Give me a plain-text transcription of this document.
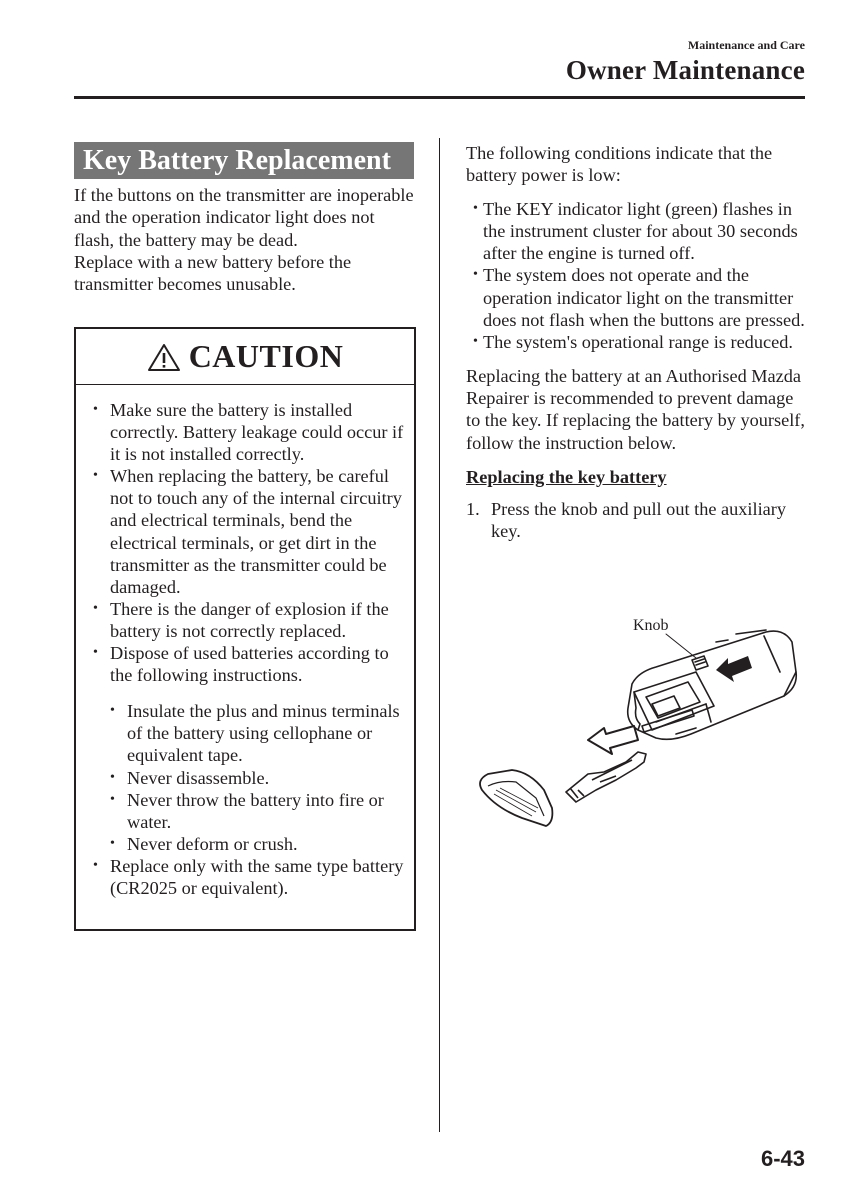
Maintenance and Care
Owner Maintenance
Key Battery Replacement

If the buttons on the transmitter are inoperable and the operation indicator light does not flash, the battery may be dead.

Replace with a new battery before the transmitter becomes unusable.

CAUTION
• Make sure the battery is installed correctly. Battery leakage could occur if it is not installed correctly.
• When replacing the battery, be careful not to touch any of the internal circuitry and electrical terminals, bend the electrical terminals, or get dirt in the transmitter as the transmitter could be damaged.
• There is the danger of explosion if the battery is not correctly replaced.
• Dispose of used batteries according to the following instructions.
• Insulate the plus and minus terminals of the battery using cellophane or equivalent tape.
• Never disassemble.
• Never throw the battery into fire or water.
• Never deform or crush.
• Replace only with the same type battery (CR2025 or equivalent).

The following conditions indicate that the battery power is low:

• The KEY indicator light (green) flashes in the instrument cluster for about 30 seconds after the engine is turned off.
• The system does not operate and the operation indicator light on the transmitter does not flash when the buttons are pressed.
• The system's operational range is reduced.

Replacing the battery at an Authorised Mazda Repairer is recommended to prevent damage to the key. If replacing the battery by yourself, follow the instruction below.

Replacing the key battery
1. Press the knob and pull out the auxiliary key.
Knob
6-43
